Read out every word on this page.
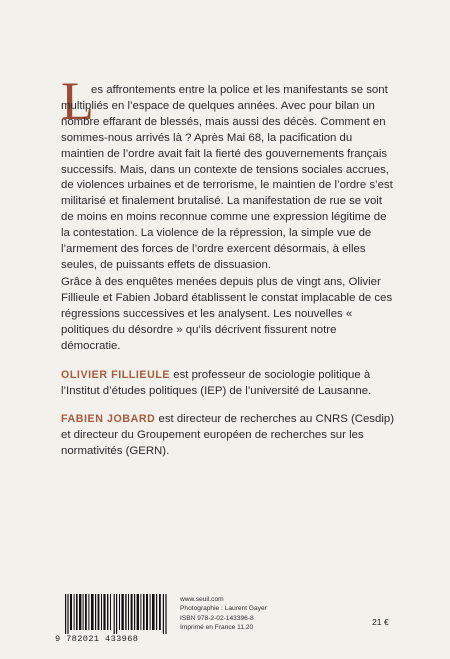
L

es affrontements entre la police et les manifestants se sont multipliés en l’espace de quelques années. Avec pour bilan un nombre effarant de blessés, mais aussi des décès. Comment en sommes-nous arrivés là ? Après Mai 68, la pacification du maintien de l’ordre avait fait la fierté des gouvernements français successifs. Mais, dans un contexte de tensions sociales accrues, de violences urbaines et de terrorisme, le maintien de l’ordre s’est militarisé et finalement brutalisé. La manifestation de rue se voit de moins en moins reconnue comme une expression légitime de la contestation. La violence de la répression, la simple vue de l’armement des forces de l’ordre exercent désormais, à elles seules, de puissants effets de dissuasion.

Grâce à des enquêtes menées depuis plus de vingt ans, Olivier Fillieule et Fabien Jobard établissent le constat implacable de ces régressions successives et les analysent. Les nouvelles « politiques du désordre » qu’ils décrivent fissurent notre démocratie.

OLIVIER FILLIEULE est professeur de sociologie politique à l’Institut d’études politiques (IEP) de l’université de Lausanne.

FABIEN JOBARD est directeur de recherches au CNRS (Cesdip) et directeur du Groupement européen de recherches sur les normativités (GERN).

9 782021 433968
www.seuil.com
Photographie : Laurent Gayer
ISBN 978-2-02-143396-8
Imprimé en France 11.20
21 €
